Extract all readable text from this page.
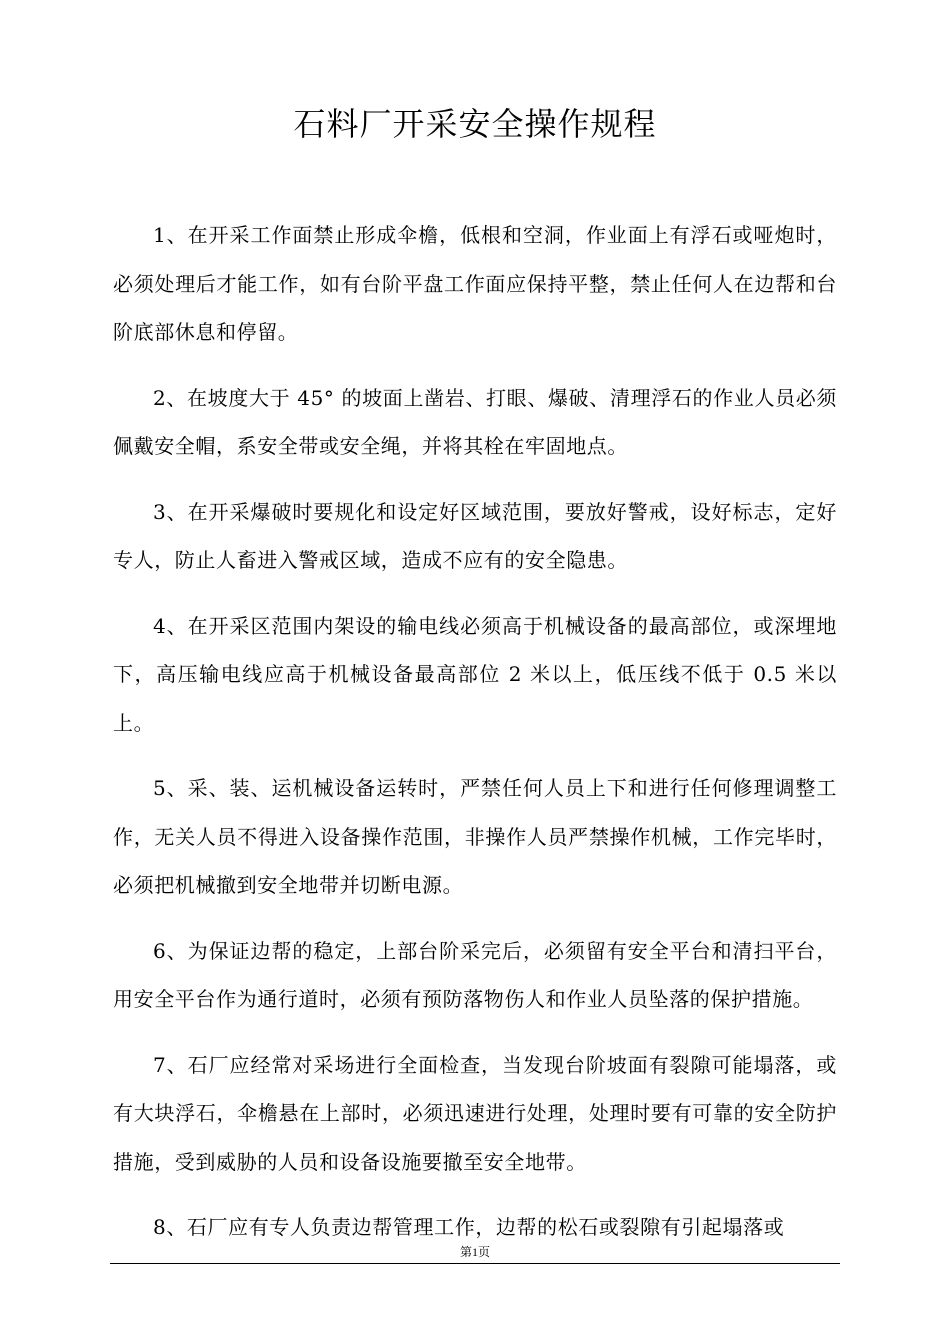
石料厂开采安全操作规程

1、在开采工作面禁止形成伞檐，低根和空洞，作业面上有浮石或哑炮时，必须处理后才能工作，如有台阶平盘工作面应保持平整，禁止任何人在边帮和台阶底部休息和停留。

2、在坡度大于 45° 的坡面上凿岩、打眼、爆破、清理浮石的作业人员必须佩戴安全帽，系安全带或安全绳，并将其栓在牢固地点。

3、在开采爆破时要规化和设定好区域范围，要放好警戒，设好标志，定好专人，防止人畜进入警戒区域，造成不应有的安全隐患。

4、在开采区范围内架设的输电线必须高于机械设备的最高部位，或深埋地下，高压输电线应高于机械设备最高部位 2 米以上，低压线不低于 0.5 米以上。

5、采、装、运机械设备运转时，严禁任何人员上下和进行任何修理调整工作，无关人员不得进入设备操作范围，非操作人员严禁操作机械，工作完毕时，必须把机械撤到安全地带并切断电源。

6、为保证边帮的稳定，上部台阶采完后，必须留有安全平台和清扫平台，用安全平台作为通行道时，必须有预防落物伤人和作业人员坠落的保护措施。

7、石厂应经常对采场进行全面检查，当发现台阶坡面有裂隙可能塌落，或有大块浮石，伞檐悬在上部时，必须迅速进行处理，处理时要有可靠的安全防护措施，受到威胁的人员和设备设施要撤至安全地带。

8、石厂应有专人负责边帮管理工作，边帮的松石或裂隙有引起塌落或

第1页
